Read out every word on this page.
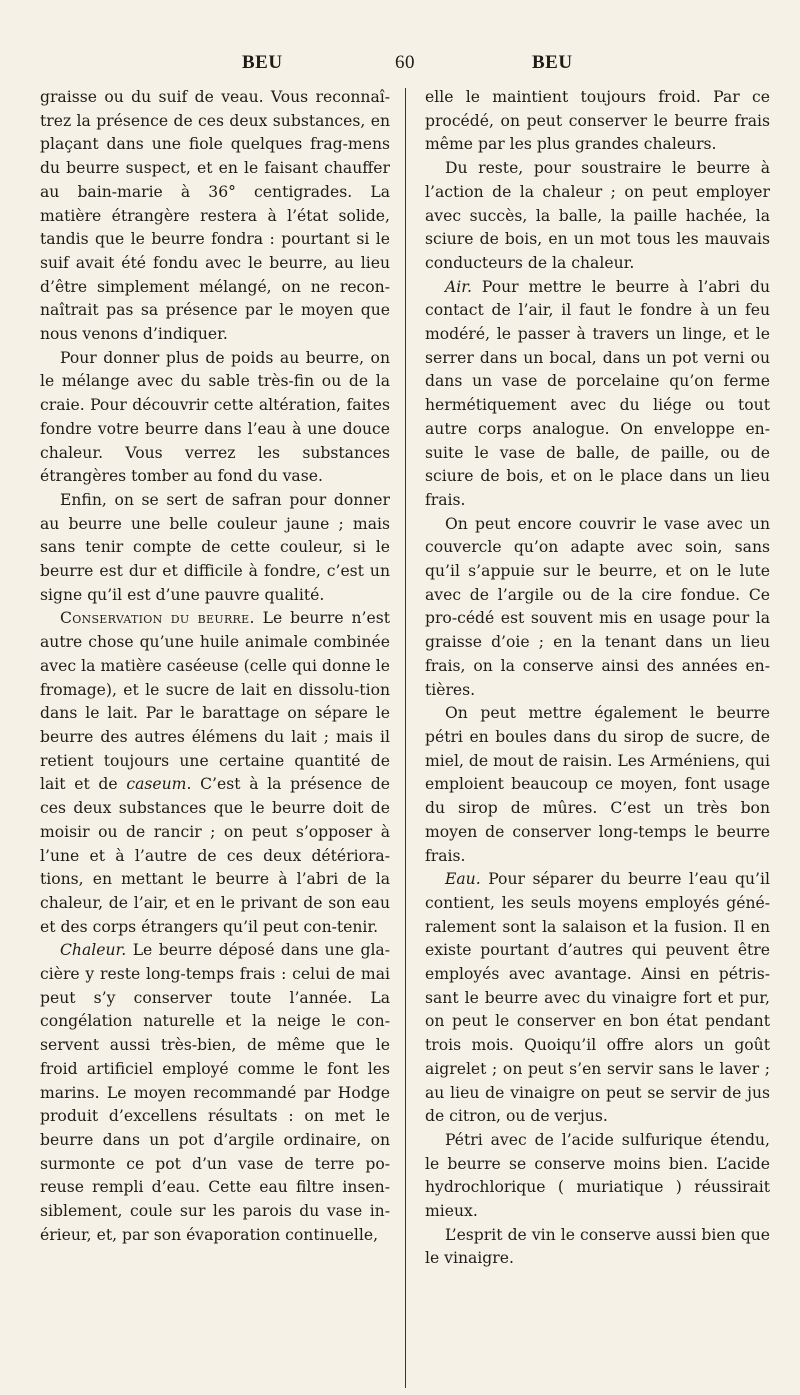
BEU	60	BEU

graisse ou du suif de veau. Vous reconnaî-trez la présence de ces deux substances, en plaçant dans une fiole quelques frag-mens du beurre suspect, et en le faisant chauffer au bain-marie à 36° centigrades. La matière étrangère restera à l’état solide, tandis que le beurre fondra : pourtant si le suif avait été fondu avec le beurre, au lieu d’être simplement mélangé, on ne recon-naîtrait pas sa présence par le moyen que nous venons d’indiquer.

Pour donner plus de poids au beurre, on le mélange avec du sable très-fin ou de la craie. Pour découvrir cette altération, faites fondre votre beurre dans l’eau à une douce chaleur. Vous verrez les substances étrangères tomber au fond du vase.

Enfin, on se sert de safran pour donner au beurre une belle couleur jaune ; mais sans tenir compte de cette couleur, si le beurre est dur et difficile à fondre, c’est un signe qu’il est d’une pauvre qualité.

Conservation du beurre. Le beurre n’est autre chose qu’une huile animale combinée avec la matière caséeuse (celle qui donne le fromage), et le sucre de lait en dissolu-tion dans le lait. Par le barattage on sépare le beurre des autres élémens du lait ; mais il retient toujours une certaine quantité de lait et de caseum. C’est à la présence de ces deux substances que le beurre doit de moisir ou de rancir ; on peut s’opposer à l’une et à l’autre de ces deux détériora-tions, en mettant le beurre à l’abri de la chaleur, de l’air, et en le privant de son eau et des corps étrangers qu’il peut con-tenir.

Chaleur. Le beurre déposé dans une gla-cière y reste long-temps frais : celui de mai peut s’y conserver toute l’année. La congélation naturelle et la neige le con-servent aussi très-bien, de même que le froid artificiel employé comme le font les marins. Le moyen recommandé par Hodge produit d’excellens résultats : on met le beurre dans un pot d’argile ordinaire, on surmonte ce pot d’un vase de terre po-reuse rempli d’eau. Cette eau filtre insen-siblement, coule sur les parois du vase in-érieur, et, par son évaporation continuelle,

elle le maintient toujours froid. Par ce procédé, on peut conserver le beurre frais même par les plus grandes chaleurs.

Du reste, pour soustraire le beurre à l’action de la chaleur ; on peut employer avec succès, la balle, la paille hachée, la sciure de bois, en un mot tous les mauvais conducteurs de la chaleur.

Air. Pour mettre le beurre à l’abri du contact de l’air, il faut le fondre à un feu modéré, le passer à travers un linge, et le serrer dans un bocal, dans un pot verni ou dans un vase de porcelaine qu’on ferme hermétiquement avec du liége ou tout autre corps analogue. On enveloppe en-suite le vase de balle, de paille, ou de sciure de bois, et on le place dans un lieu frais.

On peut encore couvrir le vase avec un couvercle qu’on adapte avec soin, sans qu’il s’appuie sur le beurre, et on le lute avec de l’argile ou de la cire fondue. Ce pro-cédé est souvent mis en usage pour la graisse d’oie ; en la tenant dans un lieu frais, on la conserve ainsi des années en-tières.

On peut mettre également le beurre pétri en boules dans du sirop de sucre, de miel, de mout de raisin. Les Arméniens, qui emploient beaucoup ce moyen, font usage du sirop de mûres. C’est un très bon moyen de conserver long-temps le beurre frais.

Eau. Pour séparer du beurre l’eau qu’il contient, les seuls moyens employés géné-ralement sont la salaison et la fusion. Il en existe pourtant d’autres qui peuvent être employés avec avantage. Ainsi en pétris-sant le beurre avec du vinaigre fort et pur, on peut le conserver en bon état pendant trois mois. Quoiqu’il offre alors un goût aigrelet ; on peut s’en servir sans le laver ; au lieu de vinaigre on peut se servir de jus de citron, ou de verjus.

Pétri avec de l’acide sulfurique étendu, le beurre se conserve moins bien. L’acide hydrochlorique ( muriatique ) réussirait mieux.

L’esprit de vin le conserve aussi bien que le vinaigre.
